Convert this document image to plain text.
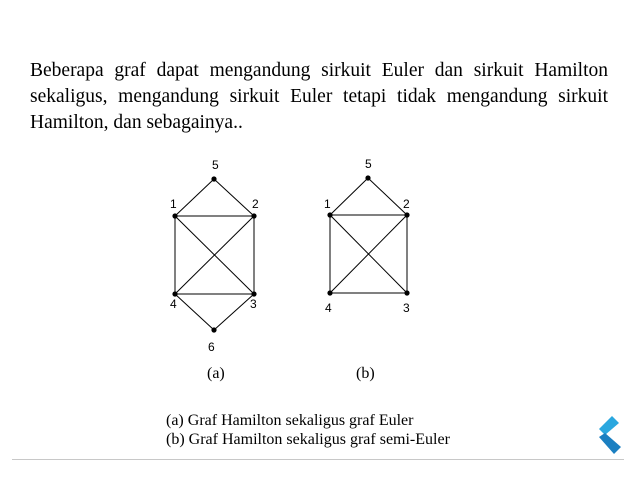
Beberapa graf dapat mengandung sirkuit Euler dan sirkuit Hamilton sekaligus, mengandung sirkuit Euler tetapi tidak mengandung sirkuit Hamilton, dan sebagainya..

5
1	2
4	3
6
5
1	2
4	3
(a)	(b)
(a) Graf Hamilton sekaligus graf Euler
(b) Graf Hamilton sekaligus graf semi-Euler
